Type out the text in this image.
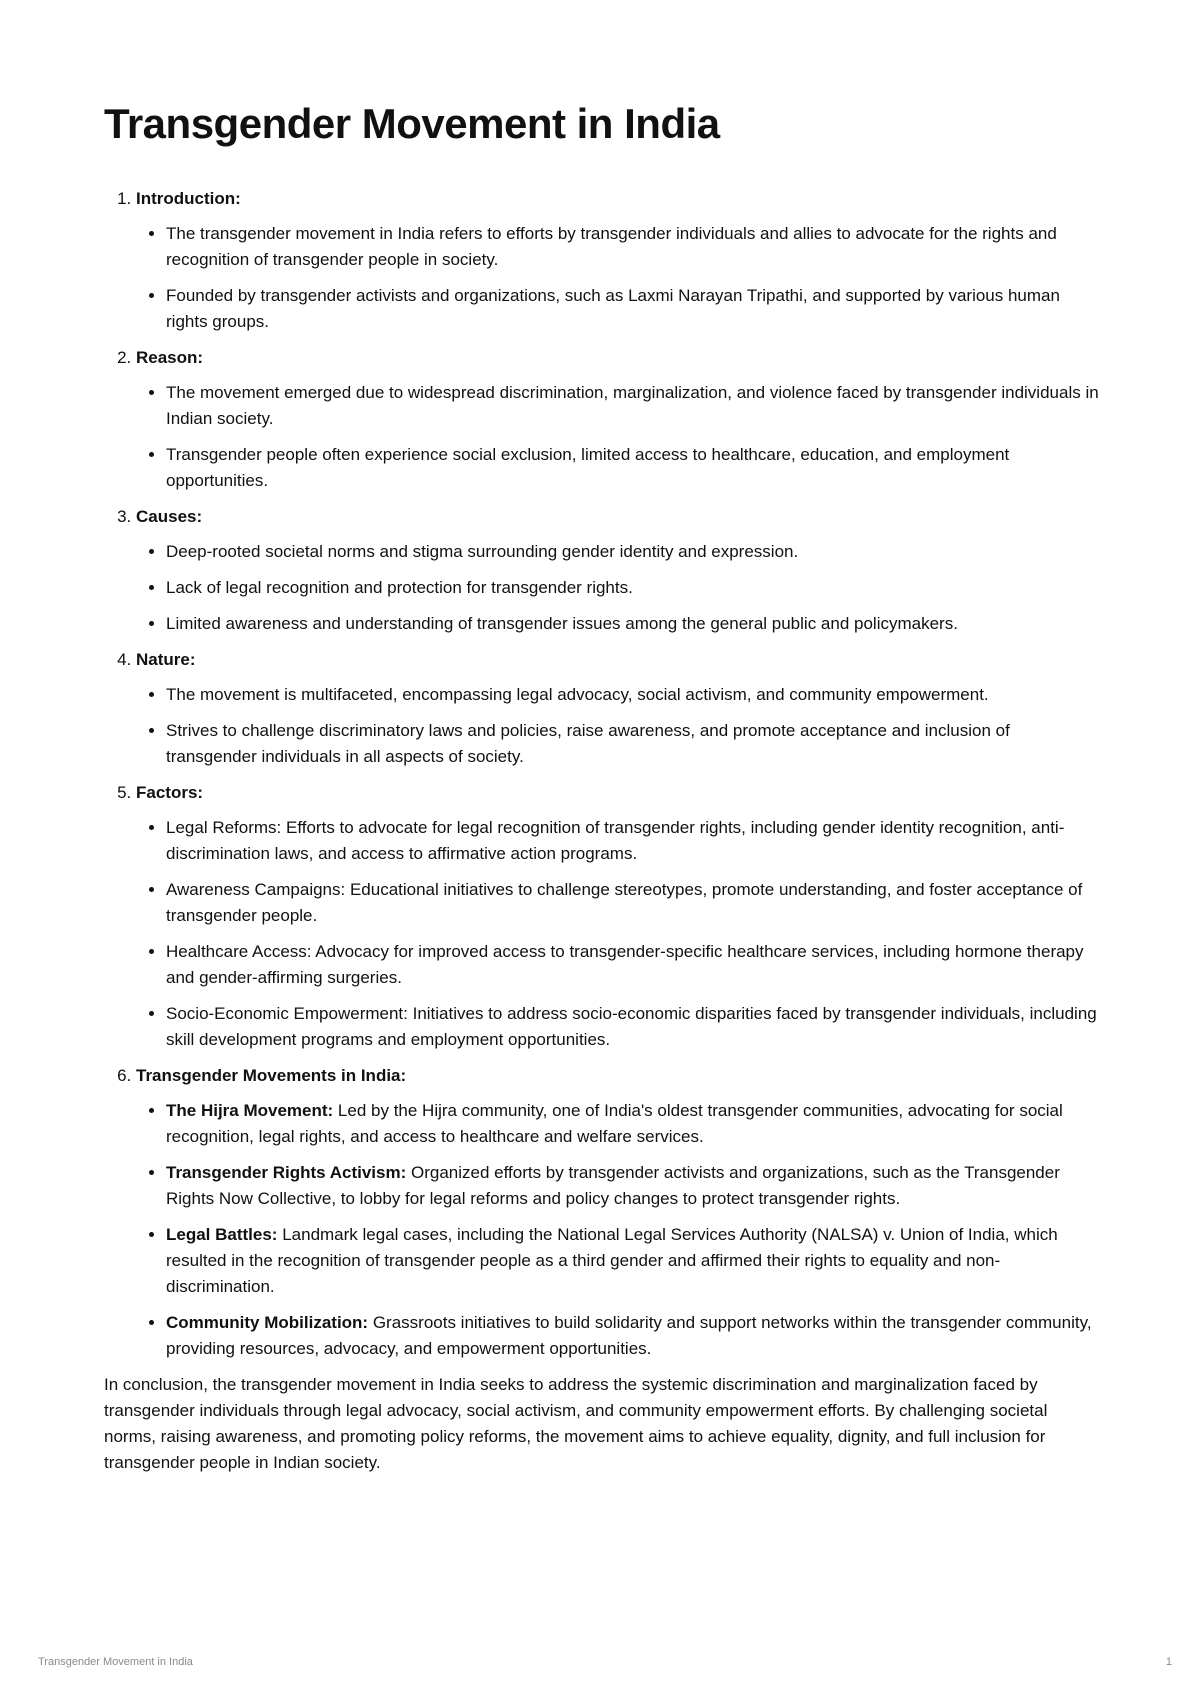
Transgender Movement in India
1. Introduction:
• The transgender movement in India refers to efforts by transgender individuals and allies to advocate for the rights and recognition of transgender people in society.
• Founded by transgender activists and organizations, such as Laxmi Narayan Tripathi, and supported by various human rights groups.
2. Reason:
• The movement emerged due to widespread discrimination, marginalization, and violence faced by transgender individuals in Indian society.
• Transgender people often experience social exclusion, limited access to healthcare, education, and employment opportunities.
3. Causes:
• Deep-rooted societal norms and stigma surrounding gender identity and expression.
• Lack of legal recognition and protection for transgender rights.
• Limited awareness and understanding of transgender issues among the general public and policymakers.
4. Nature:
• The movement is multifaceted, encompassing legal advocacy, social activism, and community empowerment.
• Strives to challenge discriminatory laws and policies, raise awareness, and promote acceptance and inclusion of transgender individuals in all aspects of society.
5. Factors:
• Legal Reforms: Efforts to advocate for legal recognition of transgender rights, including gender identity recognition, anti-discrimination laws, and access to affirmative action programs.
• Awareness Campaigns: Educational initiatives to challenge stereotypes, promote understanding, and foster acceptance of transgender people.
• Healthcare Access: Advocacy for improved access to transgender-specific healthcare services, including hormone therapy and gender-affirming surgeries.
• Socio-Economic Empowerment: Initiatives to address socio-economic disparities faced by transgender individuals, including skill development programs and employment opportunities.
6. Transgender Movements in India:
• The Hijra Movement: Led by the Hijra community, one of India's oldest transgender communities, advocating for social recognition, legal rights, and access to healthcare and welfare services.
• Transgender Rights Activism: Organized efforts by transgender activists and organizations, such as the Transgender Rights Now Collective, to lobby for legal reforms and policy changes to protect transgender rights.
• Legal Battles: Landmark legal cases, including the National Legal Services Authority (NALSA) v. Union of India, which resulted in the recognition of transgender people as a third gender and affirmed their rights to equality and non-discrimination.
• Community Mobilization: Grassroots initiatives to build solidarity and support networks within the transgender community, providing resources, advocacy, and empowerment opportunities.

In conclusion, the transgender movement in India seeks to address the systemic discrimination and marginalization faced by transgender individuals through legal advocacy, social activism, and community empowerment efforts. By challenging societal norms, raising awareness, and promoting policy reforms, the movement aims to achieve equality, dignity, and full inclusion for transgender people in Indian society.

Transgender Movement in India	1
